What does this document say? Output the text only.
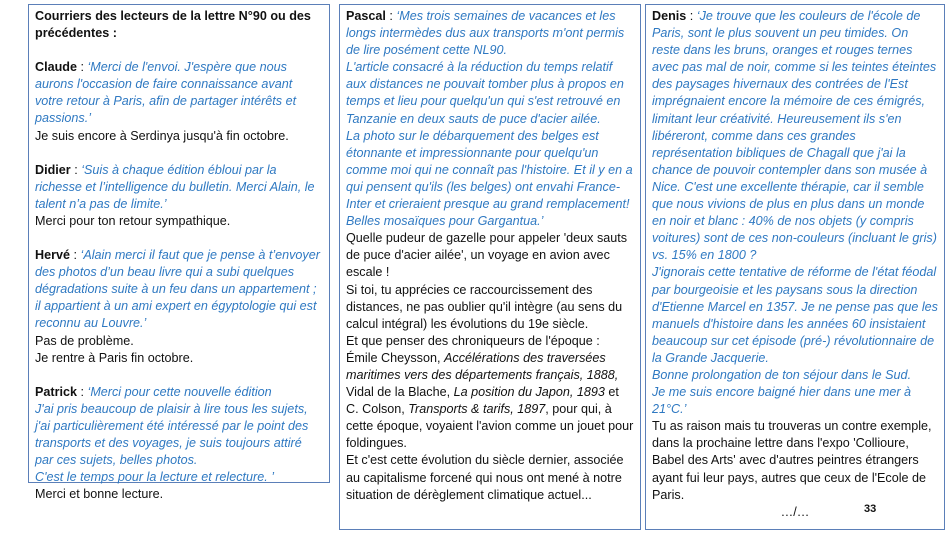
Courriers des lecteurs de la lettre N°90 ou des précédentes :

Claude : ‘Merci de l'envoi. J'espère que nous aurons l'occasion de faire connaissance avant votre retour à Paris, afin de partager intérêts et passions.’

Je suis encore à Serdinya jusqu'à fin octobre.

Didier : ‘Suis à chaque édition ébloui par la richesse et l’intelligence du bulletin. Merci Alain, le talent n’a pas de limite.’

Merci pour ton retour sympathique.

Hervé : ‘Alain merci il faut que je pense à t’envoyer des photos d’un beau livre qui a subi quelques dégradations suite à un feu dans un appartement ; il appartient à un ami expert en égyptologie qui est reconnu au Louvre.’

Pas de problème.

Je rentre à Paris fin octobre.

Patrick : ‘Merci pour cette nouvelle édition

J'ai pris beaucoup de plaisir à lire tous les sujets, j'ai particulièrement été intéressé par le point des transports et des voyages, je suis toujours attiré par ces sujets, belles photos.

C'est le temps pour la lecture et relecture. ’

Merci et bonne lecture.

Pascal : ‘Mes trois semaines de vacances et les longs intermèdes dus aux transports m'ont permis de lire posément cette NL90.

L'article consacré à la réduction du temps relatif aux distances ne pouvait tomber plus à propos en temps et lieu pour quelqu'un qui s'est retrouvé en Tanzanie en deux sauts de puce d'acier ailée.

La photo sur le débarquement des belges est étonnante et impressionnante pour quelqu'un comme moi qui ne connaît pas l'histoire. Et il y en a qui pensent qu'ils (les belges) ont envahi France-Inter et crieraient presque au grand remplacement!

Belles mosaïques pour Gargantua.’

Quelle pudeur de gazelle pour appeler 'deux sauts de puce d'acier ailée', un voyage en avion avec escale !

Si toi, tu apprécies ce raccourcissement des distances, ne pas oublier qu'il intègre (au sens du calcul intégral) les évolutions du 19e siècle.

Et que penser des chroniqueurs de l'époque : Émile Cheysson, Accélérations des traversées maritimes vers des départements français, 1888, Vidal de la Blache, La position du Japon, 1893 et C. Colson, Transports & tarifs, 1897, pour qui, à cette époque, voyaient l'avion comme un jouet pour foldingues.

Et c'est cette évolution du siècle dernier, associée au capitalisme forcené qui nous ont mené à notre situation de dérèglement climatique actuel...

Denis : ‘Je trouve que les couleurs de l'école de Paris, sont le plus souvent un peu timides. On reste dans les bruns, oranges et rouges ternes avec pas mal de noir, comme si les teintes éteintes des paysages hivernaux des contrées de l'Est imprégnaient encore la mémoire de ces émigrés, limitant leur créativité. Heureusement ils s'en libéreront, comme dans ces grandes représentation bibliques de Chagall que j'ai la chance de pouvoir contempler dans son musée à Nice. C'est une excellente thérapie, car il semble que nous vivions de plus en plus dans un monde en noir et blanc : 40% de nos objets (y compris voitures) sont de ces non-couleurs (incluant le gris) vs. 15% en 1800 ?

J'ignorais cette tentative de réforme de l'état féodal par bourgeoisie et les paysans sous la direction d'Etienne Marcel en 1357. Je ne pense pas que les manuels d'histoire dans les années 60 insistaient beaucoup sur cet épisode (pré-) révolutionnaire de la Grande Jacquerie.

Bonne prolongation de ton séjour dans le Sud.

Je me suis encore baigné hier dans une mer à 21°C.’

Tu as raison mais tu trouveras un contre exemple, dans la prochaine lettre dans l'expo 'Collioure, Babel des Arts' avec d'autres peintres étrangers ayant fui leur pays, autres que ceux de l'Ecole de Paris.

…/…	33
